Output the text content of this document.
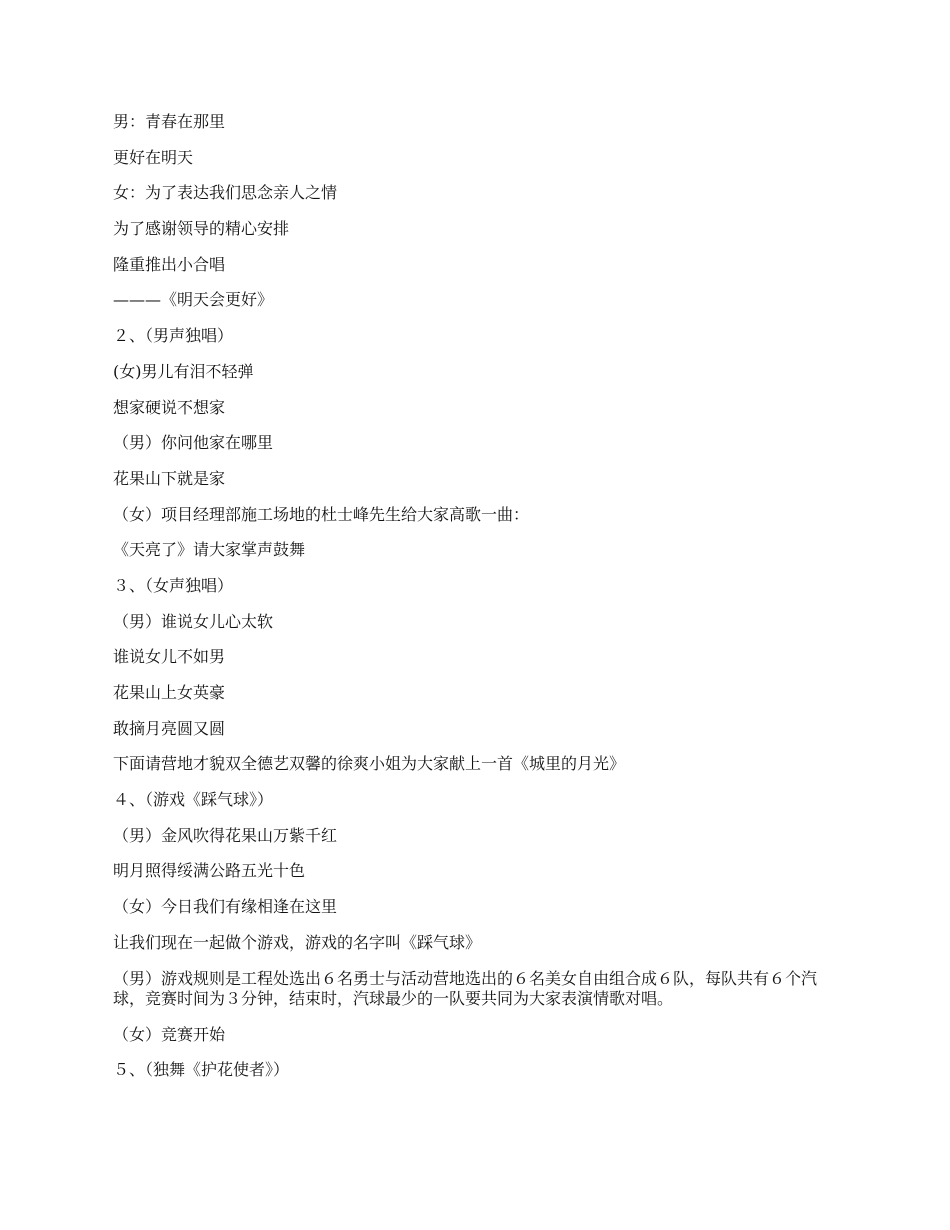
男：青春在那里
更好在明天
女：为了表达我们思念亲人之情
为了感谢领导的精心安排
隆重推出小合唱
———《明天会更好》
２、（男声独唱）
(女)男儿有泪不轻弹
想家硬说不想家
（男）你问他家在哪里
花果山下就是家
（女）项目经理部施工场地的杜士峰先生给大家高歌一曲：
《天亮了》请大家掌声鼓舞
３、（女声独唱）
（男）谁说女儿心太软
谁说女儿不如男
花果山上女英豪
敢摘月亮圆又圆
下面请营地才貌双全德艺双馨的徐爽小姐为大家献上一首《城里的月光》
４、（游戏《踩气球》）
（男）金风吹得花果山万紫千红
明月照得绥满公路五光十色
（女）今日我们有缘相逢在这里
让我们现在一起做个游戏，游戏的名字叫《踩气球》
（男）游戏规则是工程处选出６名勇士与活动营地选出的６名美女自由组合成６队，每队共有６个汽球，竞赛时间为３分钟，结束时，汽球最少的一队要共同为大家表演情歌对唱。
（女）竞赛开始
５、（独舞《护花使者》）
